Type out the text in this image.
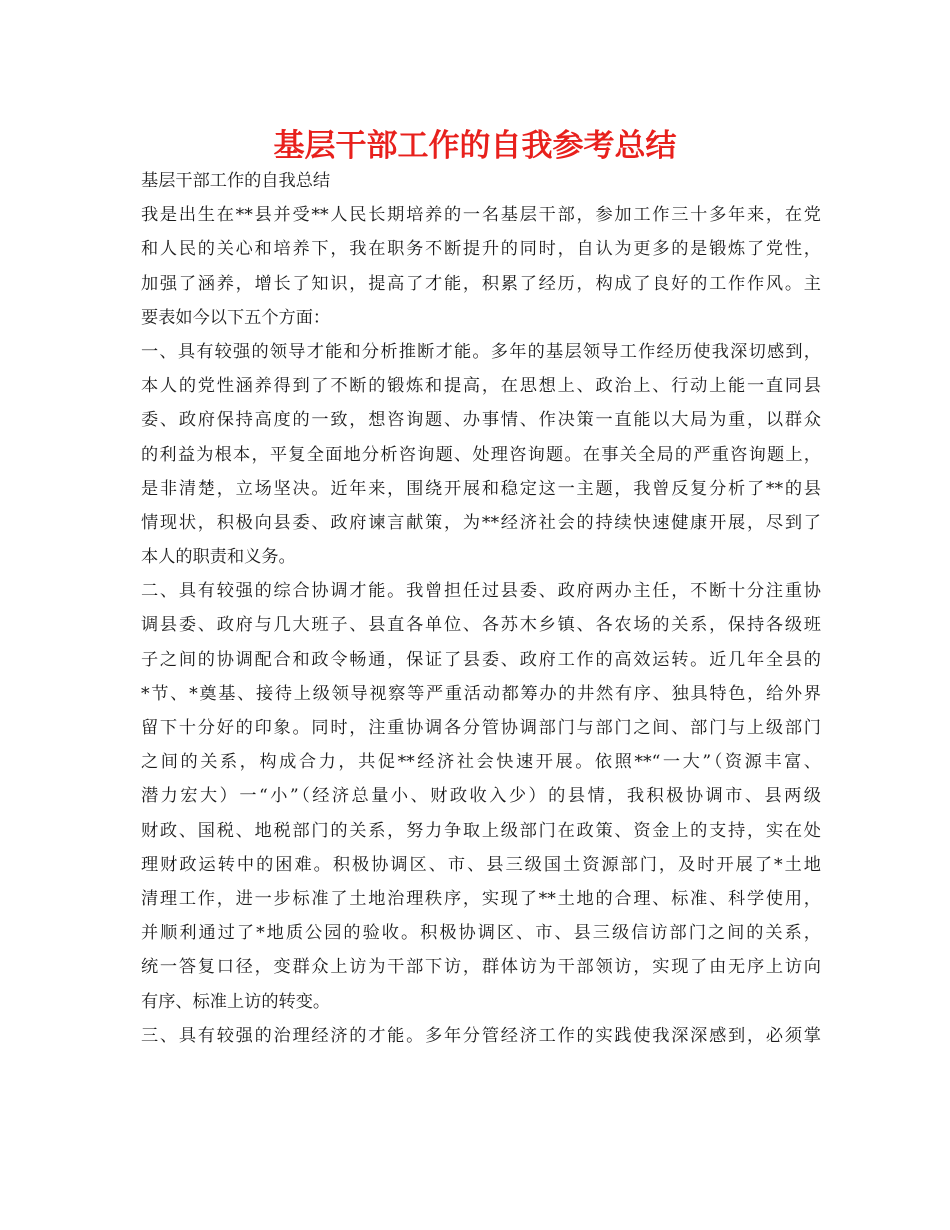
基层干部工作的自我参考总结
基层干部工作的自我总结
我是出生在**县并受**人民长期培养的一名基层干部，参加工作三十多年来，在党
和人民的关心和培养下，我在职务不断提升的同时，自认为更多的是锻炼了党性，
加强了涵养，增长了知识，提高了才能，积累了经历，构成了良好的工作作风。主
要表如今以下五个方面：
一、具有较强的领导才能和分析推断才能。多年的基层领导工作经历使我深切感到，
本人的党性涵养得到了不断的锻炼和提高，在思想上、政治上、行动上能一直同县
委、政府保持高度的一致，想咨询题、办事情、作决策一直能以大局为重，以群众
的利益为根本，平复全面地分析咨询题、处理咨询题。在事关全局的严重咨询题上，
是非清楚，立场坚决。近年来，围绕开展和稳定这一主题，我曾反复分析了**的县
情现状，积极向县委、政府谏言献策，为**经济社会的持续快速健康开展，尽到了
本人的职责和义务。
二、具有较强的综合协调才能。我曾担任过县委、政府两办主任，不断十分注重协
调县委、政府与几大班子、县直各单位、各苏木乡镇、各农场的关系，保持各级班
子之间的协调配合和政令畅通，保证了县委、政府工作的高效运转。近几年全县的
*节、*奠基、接待上级领导视察等严重活动都筹办的井然有序、独具特色，给外界
留下十分好的印象。同时，注重协调各分管协调部门与部门之间、部门与上级部门
之间的关系，构成合力，共促**经济社会快速开展。依照**“一大”（资源丰富、
潜力宏大）一“小”（经济总量小、财政收入少）的县情，我积极协调市、县两级
财政、国税、地税部门的关系，努力争取上级部门在政策、资金上的支持，实在处
理财政运转中的困难。积极协调区、市、县三级国土资源部门，及时开展了*土地
清理工作，进一步标准了土地治理秩序，实现了**土地的合理、标准、科学使用，
并顺利通过了*地质公园的验收。积极协调区、市、县三级信访部门之间的关系，
统一答复口径，变群众上访为干部下访，群体访为干部领访，实现了由无序上访向
有序、标准上访的转变。
三、具有较强的治理经济的才能。多年分管经济工作的实践使我深深感到，必须掌
